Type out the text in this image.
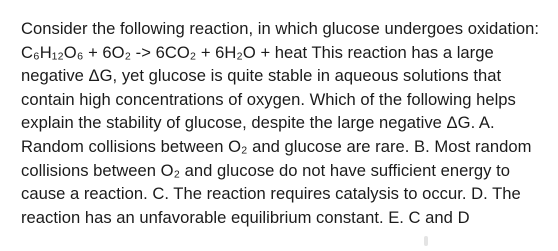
Consider the following reaction, in which glucose undergoes oxidation: C₆H₁₂O₆ + 6O₂ -> 6CO₂ + 6H₂O + heat This reaction has a large negative ΔG, yet glucose is quite stable in aqueous solutions that contain high concentrations of oxygen. Which of the following helps explain the stability of glucose, despite the large negative ΔG. A. Random collisions between O₂ and glucose are rare. B. Most random collisions between O₂ and glucose do not have sufficient energy to cause a reaction. C. The reaction requires catalysis to occur. D. The reaction has an unfavorable equilibrium constant. E. C and D
